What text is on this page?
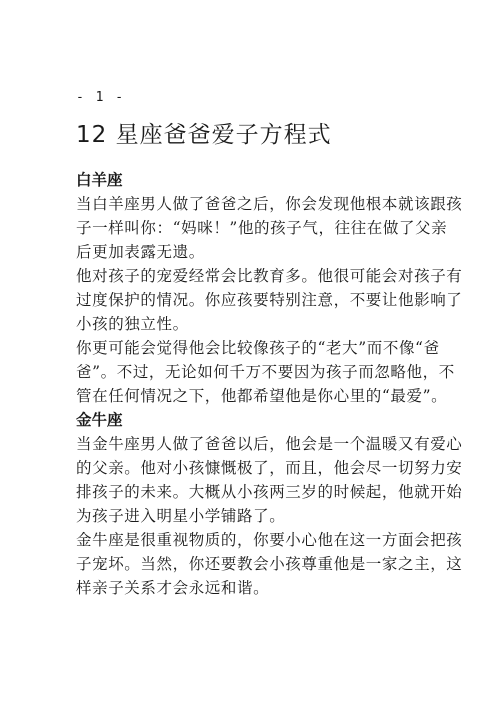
- 1 -
12 星座爸爸爱子方程式
白羊座

当白羊座男人做了爸爸之后，你会发现他根本就该跟孩
子一样叫你：“妈咪！”他的孩子气，往往在做了父亲
后更加表露无遗。

他对孩子的宠爱经常会比教育多。他很可能会对孩子有
过度保护的情况。你应孩要特别注意，不要让他影响了
小孩的独立性。

你更可能会觉得他会比较像孩子的“老大”而不像“爸
爸”。不过，无论如何千万不要因为孩子而忽略他，不
管在任何情况之下，他都希望他是你心里的“最爱”。

金牛座

当金牛座男人做了爸爸以后，他会是一个温暖又有爱心
的父亲。他对小孩慷慨极了，而且，他会尽一切努力安
排孩子的未来。大概从小孩两三岁的时候起，他就开始
为孩子进入明星小学铺路了。

金牛座是很重视物质的，你要小心他在这一方面会把孩
子宠坏。当然，你还要教会小孩尊重他是一家之主，这
样亲子关系才会永远和谐。
